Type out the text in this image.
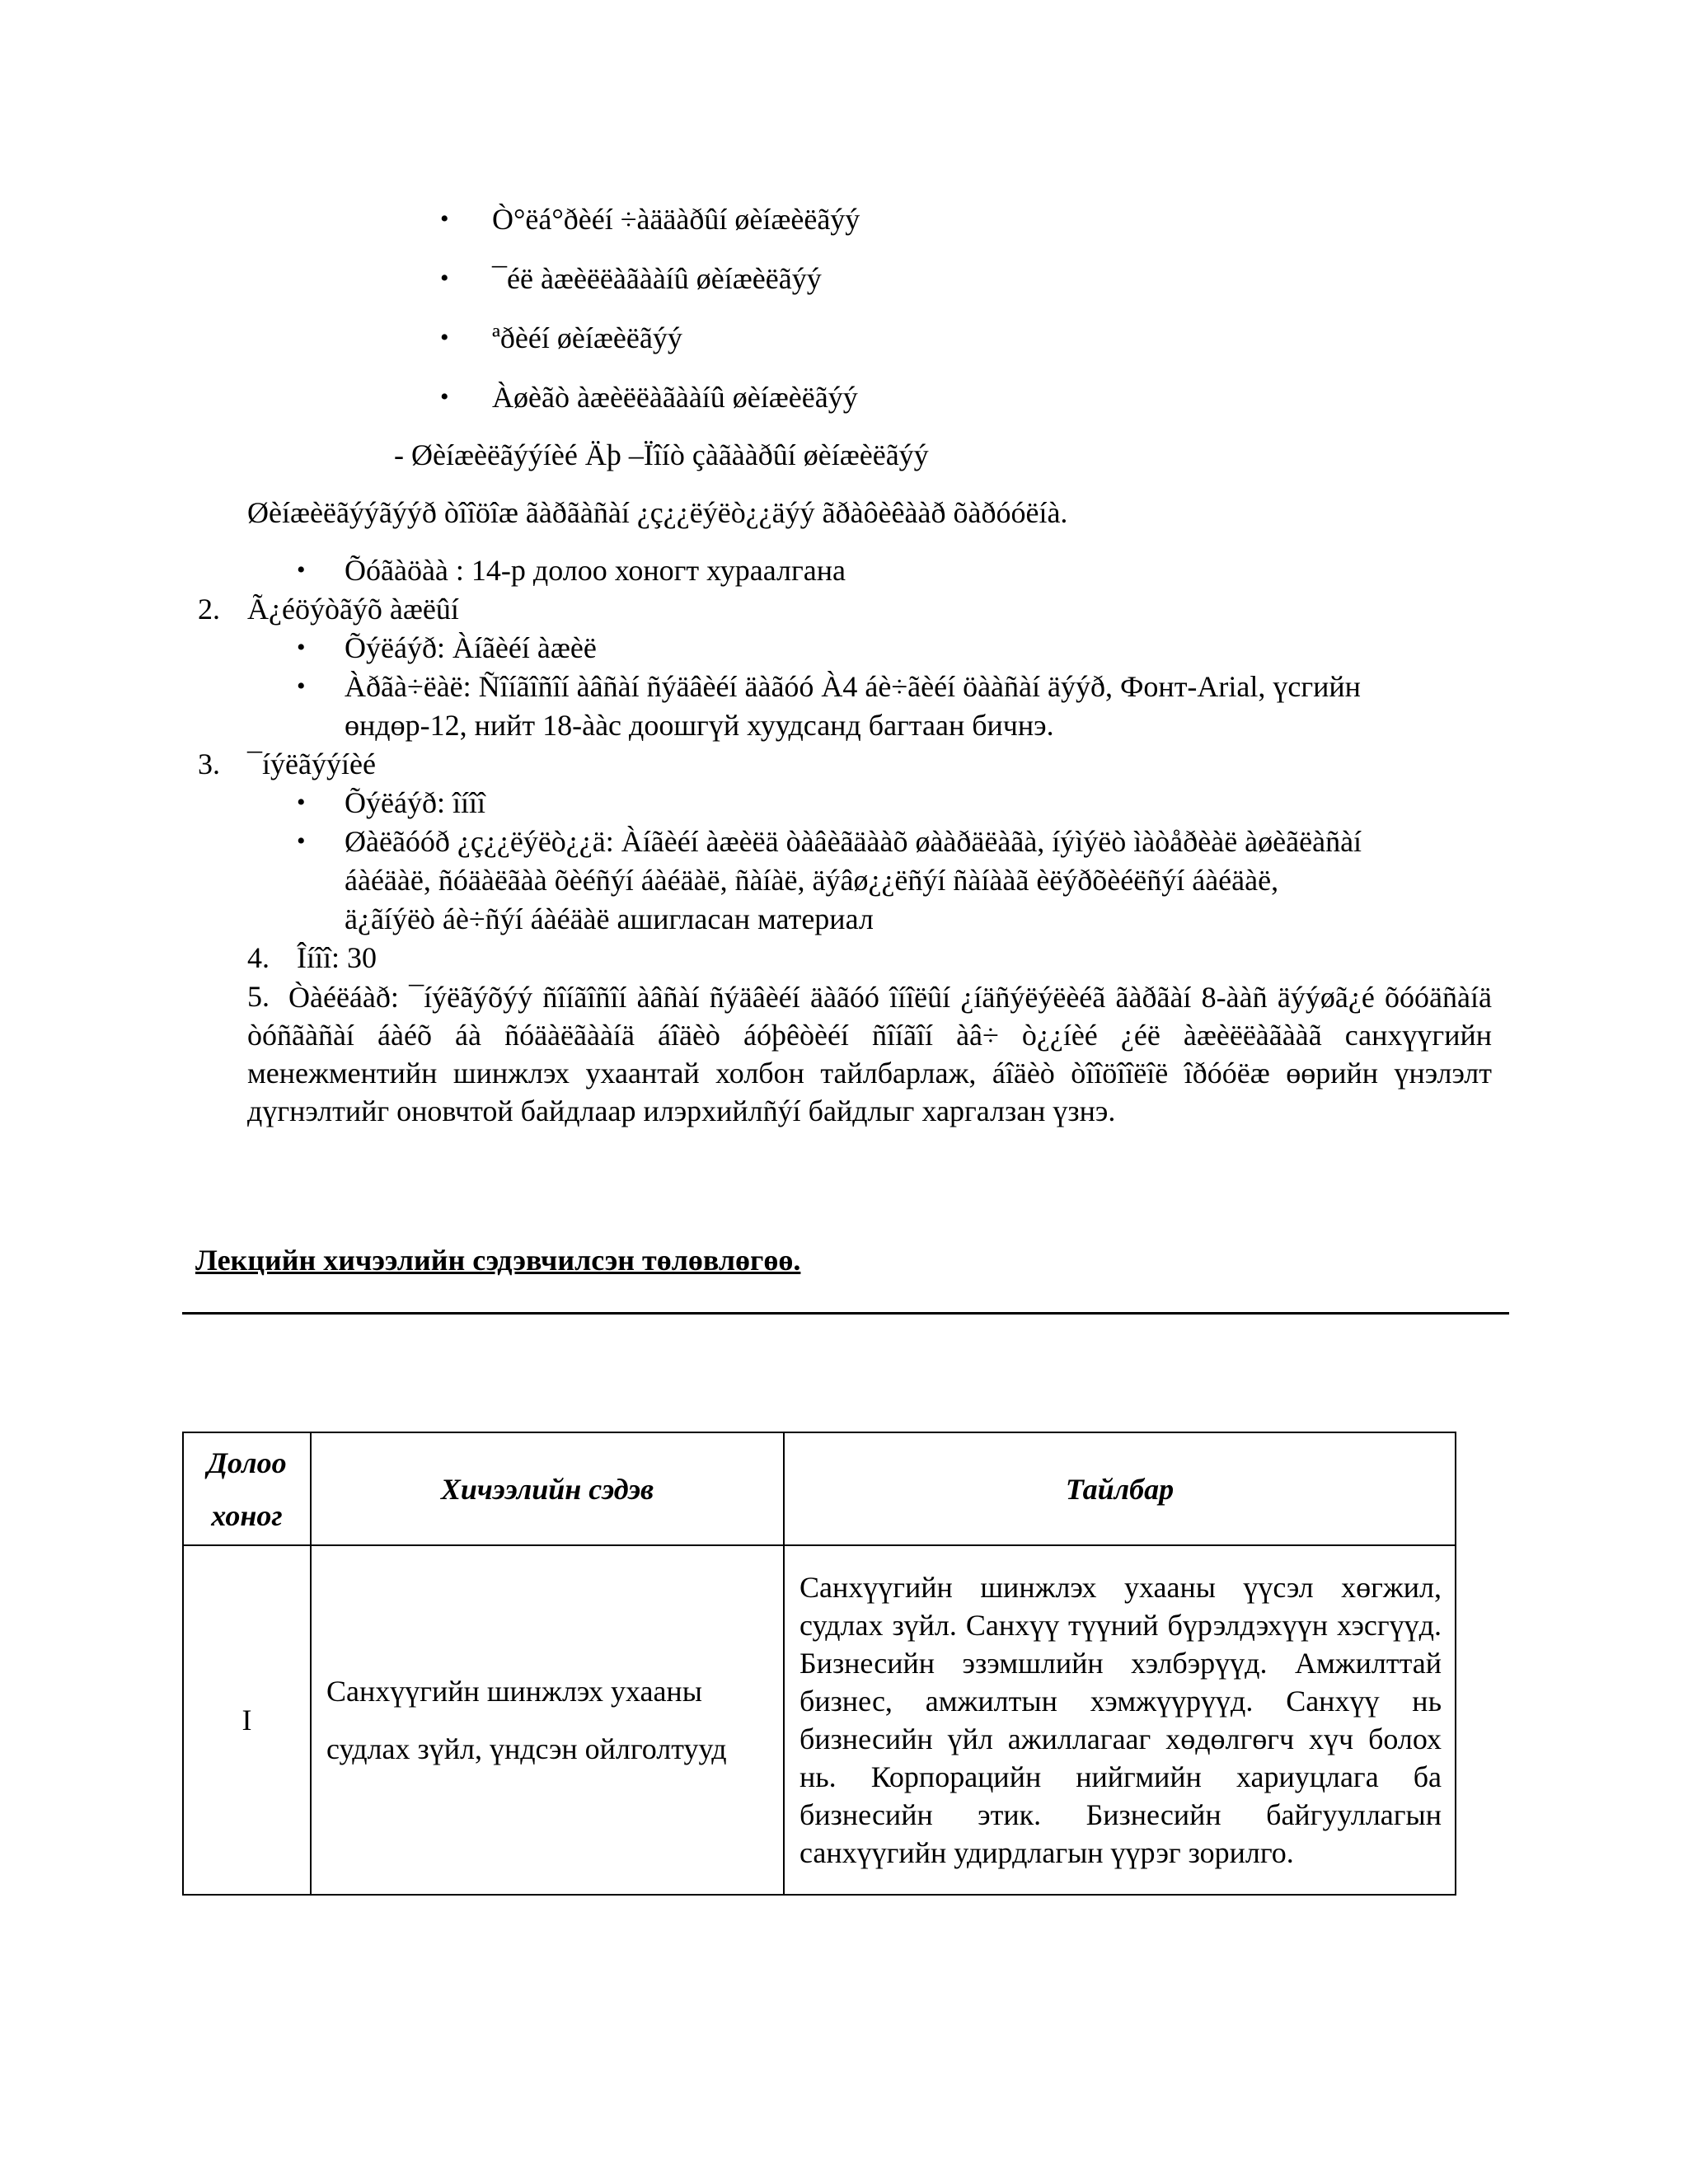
• Ò°ëá°ðèéí ÷àääàðûí øèíæèëãýý
• ¯éë àæèëëàãààíû øèíæèëãýý
• ªðèéí øèíæèëãýý
• Àøèãò àæèëëàãààíû øèíæèëãýý
- Øèíæèëãýýíèé Äþ –Ïîíò çàãààðûí øèíæèëãýý
Øèíæèëãýýãýýð òîîöîæ ãàðãàñàí ¿ç¿¿ëýëò¿¿äýý ãðàôèêààð õàðóóëíà.
• Õóãàöàà : 14-р долоо хоногт хураалгана
2. Ã¿éöýòãýõ àæëûí
• Õýëáýð: Àíãèéí àæèë
• Àðãà÷ëàë: Ñîíãîñîí àâñàí ñýäâèéí äàãóó À4 áè÷ãèéí öààñàí äýýð, Фонт-Arial, үсгийн
өндөр-12, нийт 18-ààс доошгүй хуудсанд багтаан бичнэ.
3. ¯íýëãýýíèé
• Õýëáýð: îíîî
• Øàëãóóð ¿ç¿¿ëýëò¿¿ä: Àíãèéí àæèëä òàâèãäààõ øààðäëàãà, íýìýëò ìàòåðèàë àøèãëàñàí
áàéäàë, ñóäàëãàà õèéñýí áàéäàë, ñàíàë, äýâø¿¿ëñýí ñàíààã èëýðõèéëñýí áàéäàë,
ä¿ãíýëò áè÷ñýí áàéäàë ашигласан материал
4. Îíîî: 30
5. Òàéëáàð: ¯íýëãýõýý ñîíãîñîí àâñàí ñýäâèéí äàãóó îíîëûí ¿íäñýëýëèéã ãàðãàí 8-ààñ äýýøã¿é õóóäñàíä òóñãàñàí áàéõ áà ñóäàëãààíä áîäèò áóþêòèéí ñîíãîí àâ÷ ò¿¿íèé ¿éë àæèëëàãààã санхүүгийн менежментийн шинжлэх ухаантай холбон тайлбарлаж, áîäèò òîîöîîëîë îðóóëæ өөрийн үнэлэлт дүгнэлтийг оновчтой байдлаар илэрхийлñýí байдлыг харгалзан үзнэ.
Лекцийн хичээлийн сэдэвчилсэн төлөвлөгөө.
Долоо хоног	Хичээлийн сэдэв	Тайлбар
I	Санхүүгийн шинжлэх ухааны судлах зүйл, үндсэн ойлголтууд	Санхүүгийн шинжлэх ухааны үүсэл хөгжил, судлах зүйл. Санхүү түүний бүрэлдэхүүн хэсгүүд. Бизнесийн эзэмшлийн хэлбэрүүд. Амжилттай бизнес, амжилтын хэмжүүрүүд. Санхүү нь бизнесийн үйл ажиллагааг хөдөлгөгч хүч болох нь. Корпорацийн нийгмийн хариуцлага ба бизнесийн этик. Бизнесийн байгууллагын санхүүгийн удирдлагын үүрэг зорилго.
